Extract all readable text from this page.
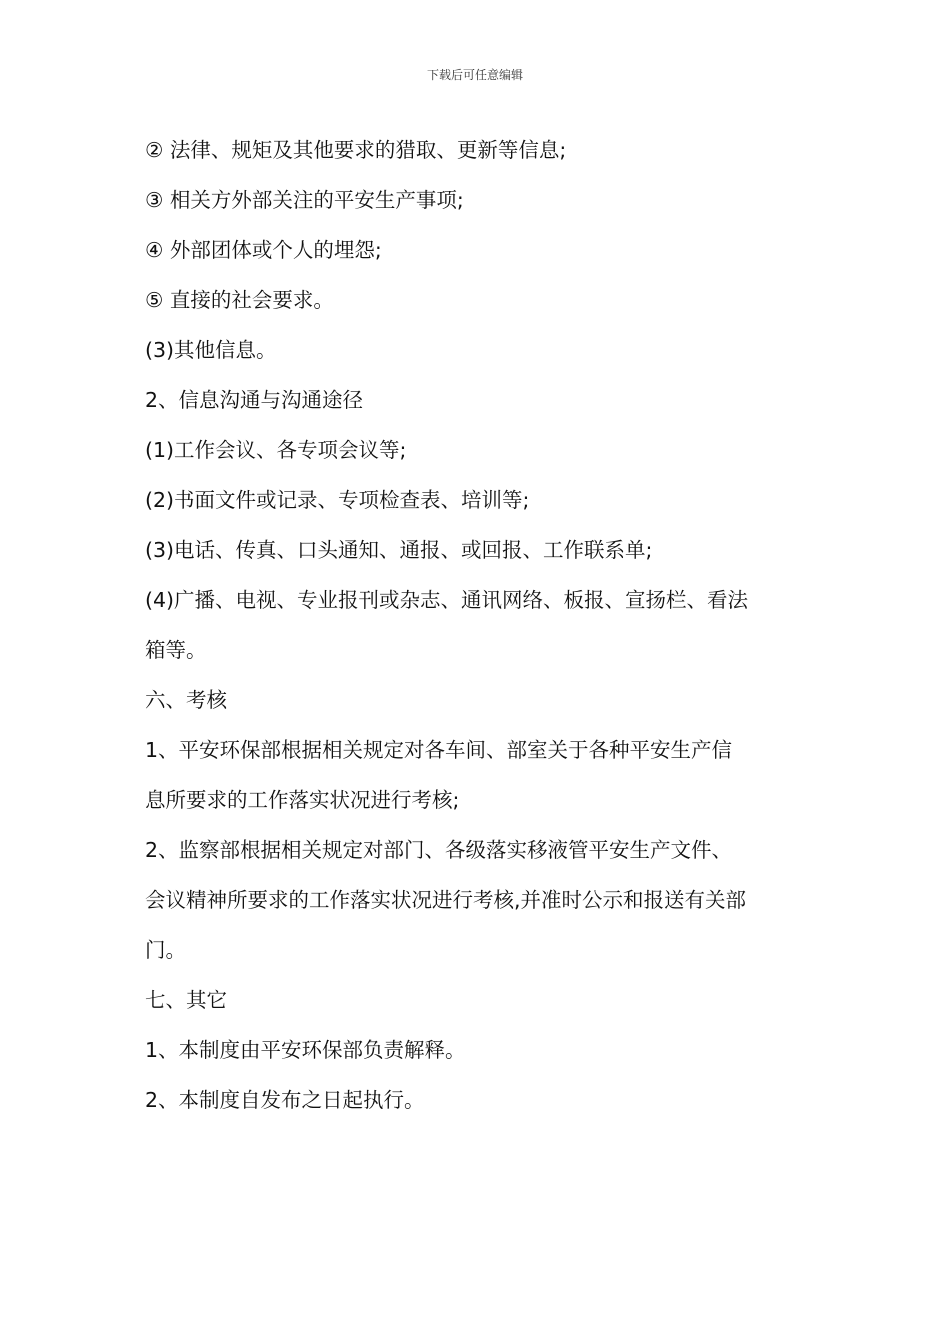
下载后可任意编辑
② 法律、规矩及其他要求的猎取、更新等信息;
③ 相关方外部关注的平安生产事项;
④ 外部团体或个人的埋怨;
⑤ 直接的社会要求。
(3)其他信息。
2、信息沟通与沟通途径
(1)工作会议、各专项会议等;
(2)书面文件或记录、专项检查表、培训等;
(3)电话、传真、口头通知、通报、或回报、工作联系单;
(4)广播、电视、专业报刊或杂志、通讯网络、板报、宣扬栏、看法
箱等。
六、考核
1、平安环保部根据相关规定对各车间、部室关于各种平安生产信
息所要求的工作落实状况进行考核;
2、监察部根据相关规定对部门、各级落实移液管平安生产文件、
会议精神所要求的工作落实状况进行考核,并准时公示和报送有关部
门。
七、其它
1、本制度由平安环保部负责解释。
2、本制度自发布之日起执行。
